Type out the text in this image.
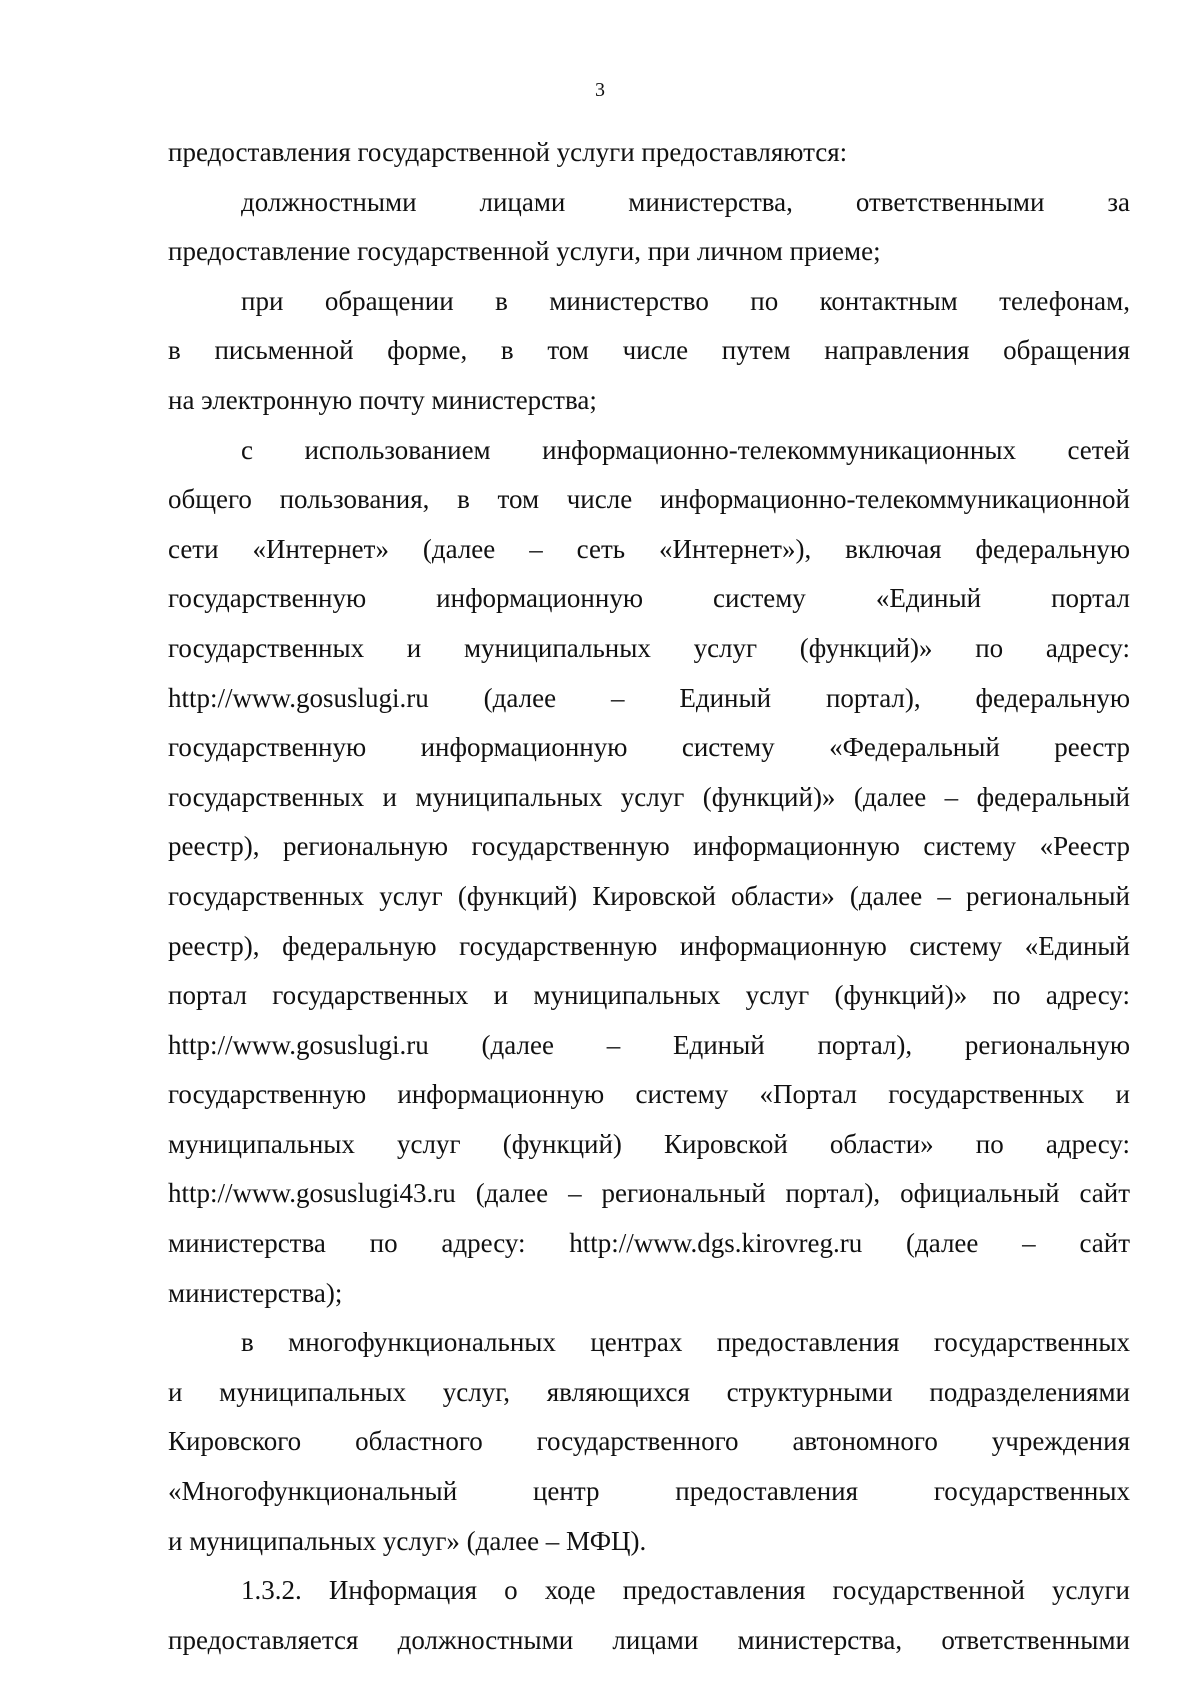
3

предоставления государственной услуги предоставляются:
должностными лицами министерства, ответственными за
предоставление государственной услуги, при личном приеме;
при обращении в министерство по контактным телефонам,
в письменной форме, в том числе путем направления обращения
на электронную почту министерства;
с использованием информационно-телекоммуникационных сетей
общего пользования, в том числе информационно-телекоммуникационной
сети «Интернет» (далее – сеть «Интернет»), включая федеральную
государственную информационную систему «Единый портал
государственных и муниципальных услуг (функций)» по адресу:
http://www.gosuslugi.ru (далее – Единый портал), федеральную
государственную информационную систему «Федеральный реестр
государственных и муниципальных услуг (функций)» (далее – федеральный
реестр), региональную государственную информационную систему «Реестр
государственных услуг (функций) Кировской области» (далее – региональный
реестр), федеральную государственную информационную систему «Единый
портал государственных и муниципальных услуг (функций)» по адресу:
http://www.gosuslugi.ru (далее – Единый портал), региональную
государственную информационную систему «Портал государственных и
муниципальных услуг (функций) Кировской области» по адресу:
http://www.gosuslugi43.ru (далее – региональный портал), официальный сайт
министерства по адресу: http://www.dgs.kirovreg.ru (далее – сайт
министерства);
в многофункциональных центрах предоставления государственных
и муниципальных услуг, являющихся структурными подразделениями
Кировского областного государственного автономного учреждения
«Многофункциональный центр предоставления государственных
и муниципальных услуг» (далее – МФЦ).
1.3.2. Информация о ходе предоставления государственной услуги
предоставляется должностными лицами министерства, ответственными
